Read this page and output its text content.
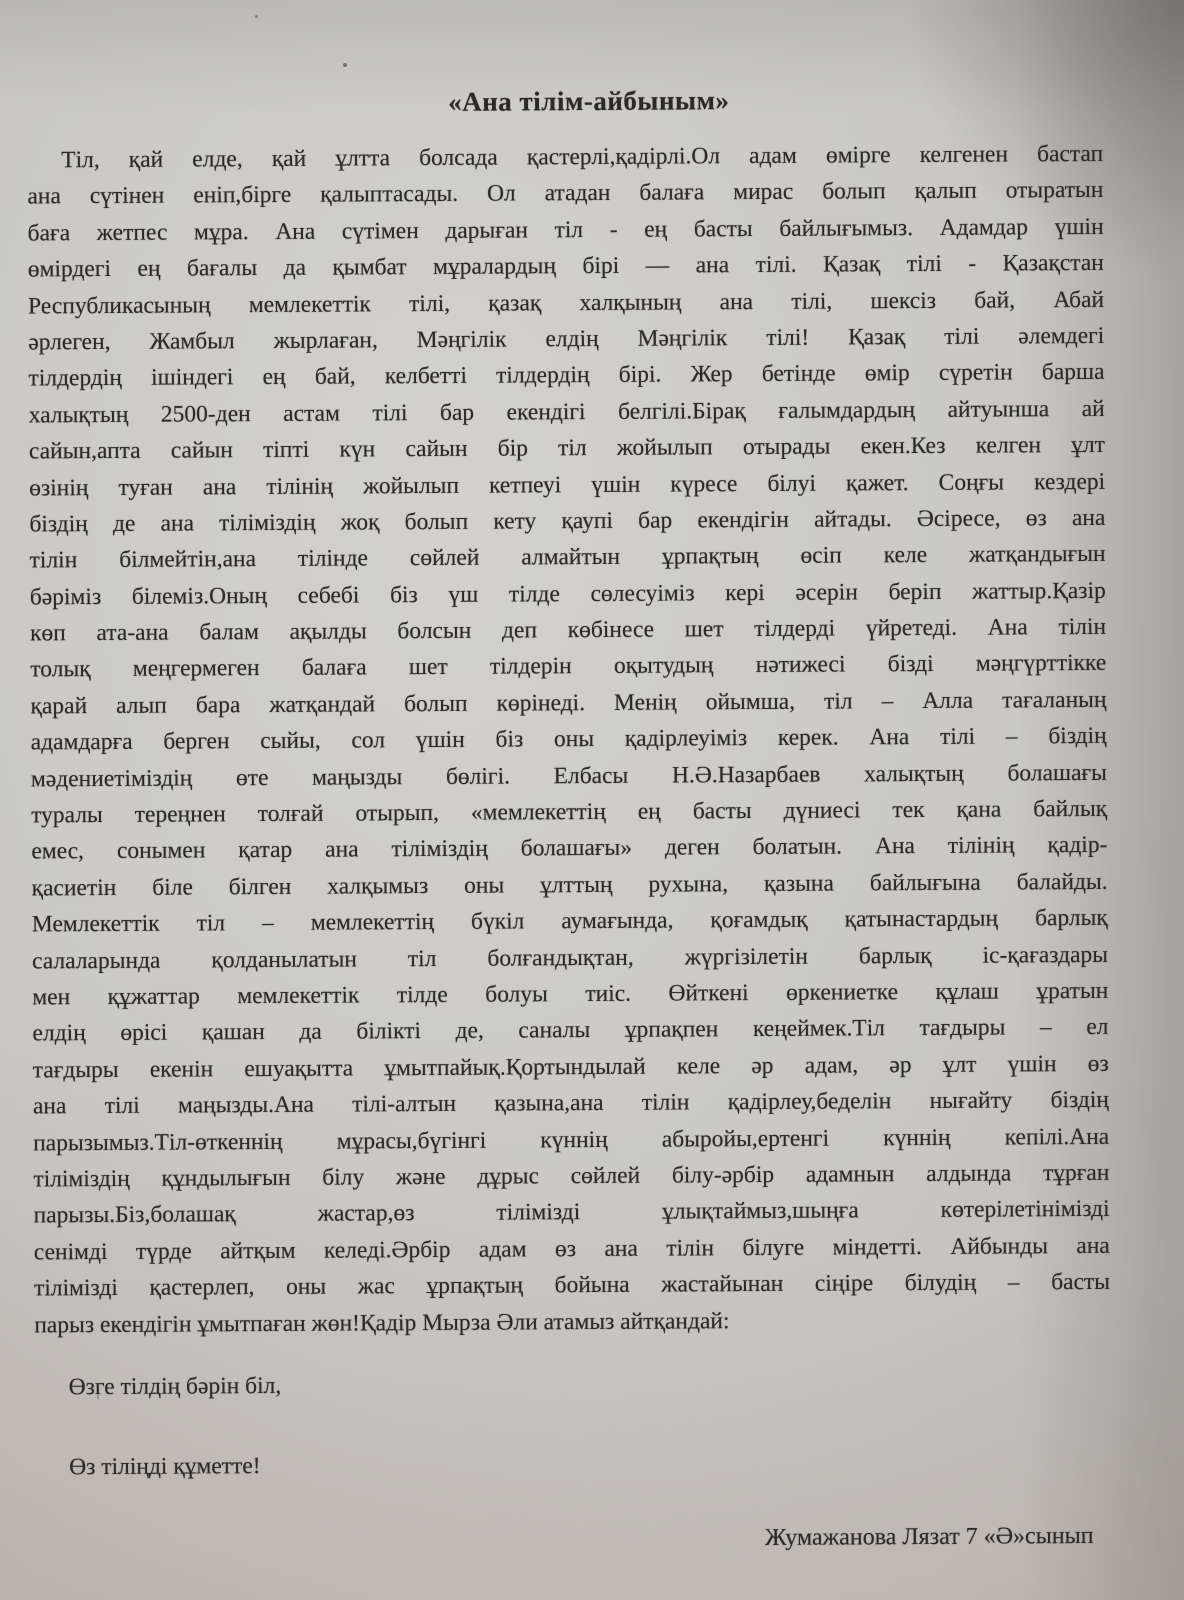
«Ана тілім-айбыным»
Тіл, қай елде, қай ұлтта болсада қастерлі,қадірлі.Ол адам өмірге келгенен бастап
ана сүтінен еніп,бірге қалыптасады. Ол атадан балаға мирас болып қалып отыратын
баға жетпес мұра. Ана сүтімен дарыған тіл - ең басты байлығымыз. Адамдар үшін
өмірдегі ең бағалы да қымбат мұралардың бірі — ана тілі. Қазақ тілі - Қазақстан
Республикасының мемлекеттік тілі, қазақ халқының ана тілі, шексіз бай, Абай
әрлеген, Жамбыл жырлаған, Мәңгілік елдің Мәңгілік тілі! Қазақ тілі әлемдегі
тілдердің ішіндегі ең бай, келбетті тілдердің бірі. Жер бетінде өмір сүретін барша
халықтың 2500-ден астам тілі бар екендігі белгілі.Бірақ ғалымдардың айтуынша ай
сайын,апта сайын тіпті күн сайын бір тіл жойылып отырады екен.Кез келген ұлт
өзінің туған ана тілінің жойылып кетпеуі үшін күресе білуі қажет. Соңғы кездері
біздің де ана тіліміздің жоқ болып кету қаупі бар екендігін айтады. Әсіресе, өз ана
тілін білмейтін,ана тілінде сөйлей алмайтын ұрпақтың өсіп келе жатқандығын
бәріміз білеміз.Оның себебі біз үш тілде сөлесуіміз кері әсерін беріп жаттыр.Қазір
көп ата-ана балам ақылды болсын деп көбінесе шет тілдерді үйретеді. Ана тілін
толық меңгермеген балаға шет тілдерін оқытудың нәтижесі бізді мәңгүрттікке
қарай алып бара жатқандай болып көрінеді. Менің ойымша, тіл – Алла тағаланың
адамдарға берген сыйы, сол үшін біз оны қадірлеуіміз керек. Ана тілі – біздің
мәдениетіміздің өте маңызды бөлігі. Елбасы Н.Ә.Назарбаев халықтың болашағы
туралы тереңнен толғай отырып, «мемлекеттің ең басты дүниесі тек қана байлық
емес, сонымен қатар ана тіліміздің болашағы» деген болатын. Ана тілінің қадір-
қасиетін біле білген халқымыз оны ұлттың рухына, қазына байлығына балайды.
Мемлекеттік тіл – мемлекеттің бүкіл аумағында, қоғамдық қатынастардың барлық
салаларында қолданылатын тіл болғандықтан, жүргізілетін барлық іс-қағаздары
мен құжаттар мемлекеттік тілде болуы тиіс. Өйткені өркениетке құлаш ұратын
елдің өрісі қашан да білікті де, саналы ұрпақпен кеңеймек.Тіл тағдыры – ел
тағдыры екенін ешуақытта ұмытпайық.Қортындылай келе әр адам, әр ұлт үшін өз
ана тілі маңызды.Ана тілі-алтын қазына,ана тілін қадірлеу,беделін нығайту біздің
парызымыз.Тіл-өткеннің мұрасы,бүгінгі күннің абыройы,ертенгі күннің кепілі.Ана
тіліміздің құндылығын білу және дұрыс сөйлей білу-әрбір адамнын алдында тұрған
парызы.Біз,болашақ жастар,өз тілімізді ұлықтаймыз,шыңға көтерілетінімізді
сенімді түрде айтқым келеді.Әрбір адам өз ана тілін білуге міндетті. Айбынды ана
тілімізді қастерлеп, оны жас ұрпақтың бойына жастайынан сіңіре білудің – басты
парыз екендігін ұмытпаған жөн!Қадір Мырза Әли атамыз айтқандай:
Өзге тілдің бәрін біл,
Өз тіліңді құметте!
Жумажанова Лязат 7 «Ә»сынып
